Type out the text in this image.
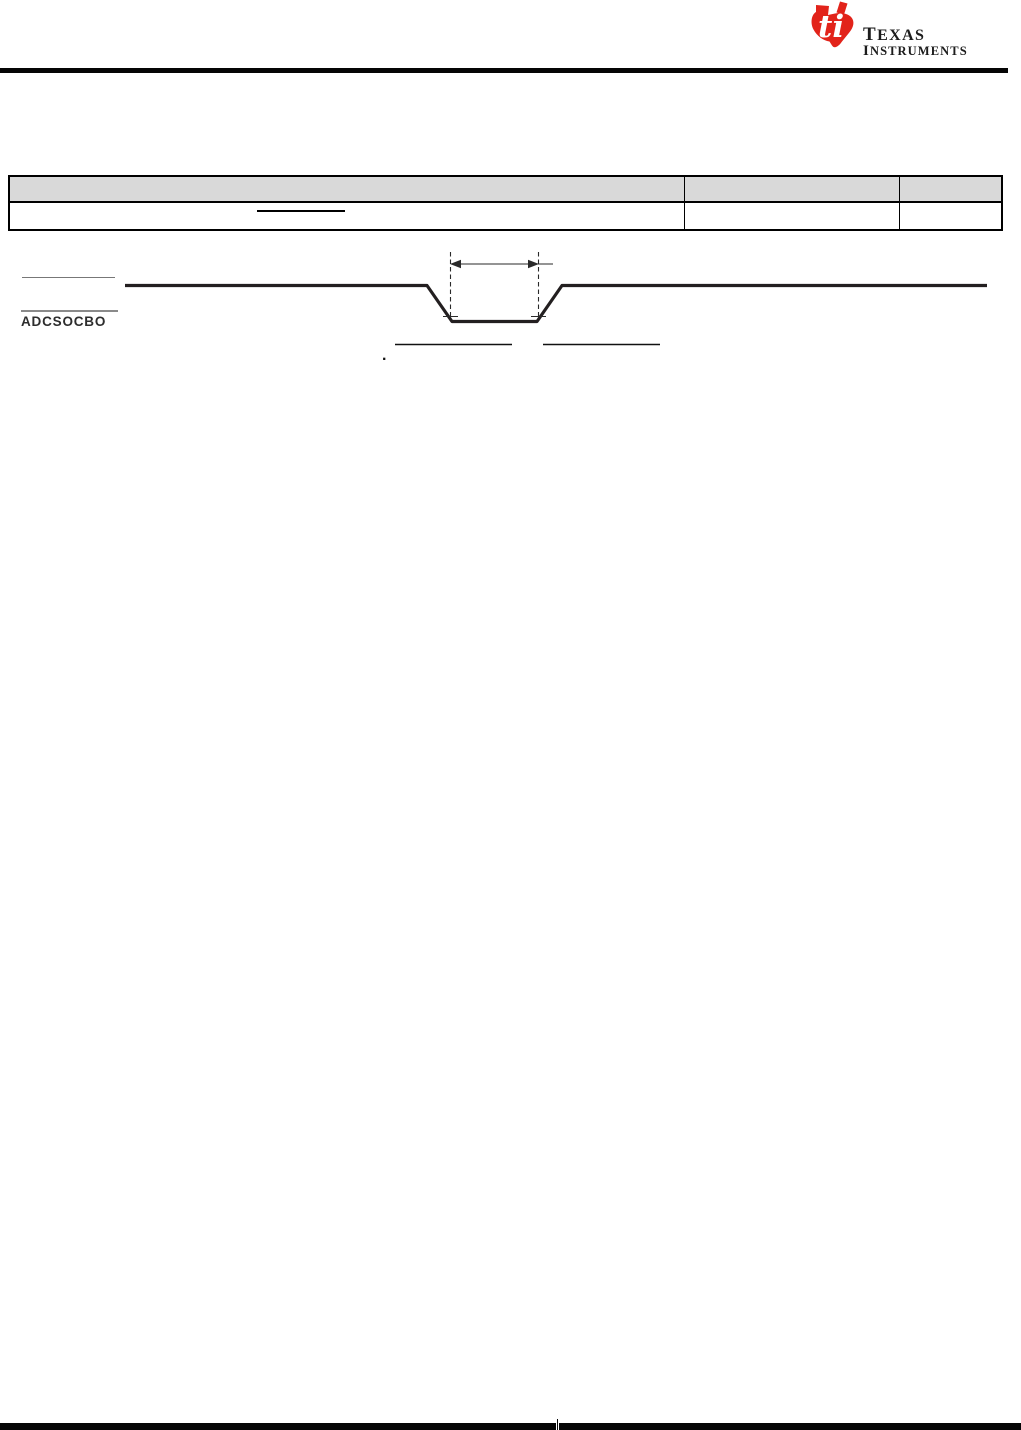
ti TEXAS
INSTRUMENTS
ADCSOCBO
.
